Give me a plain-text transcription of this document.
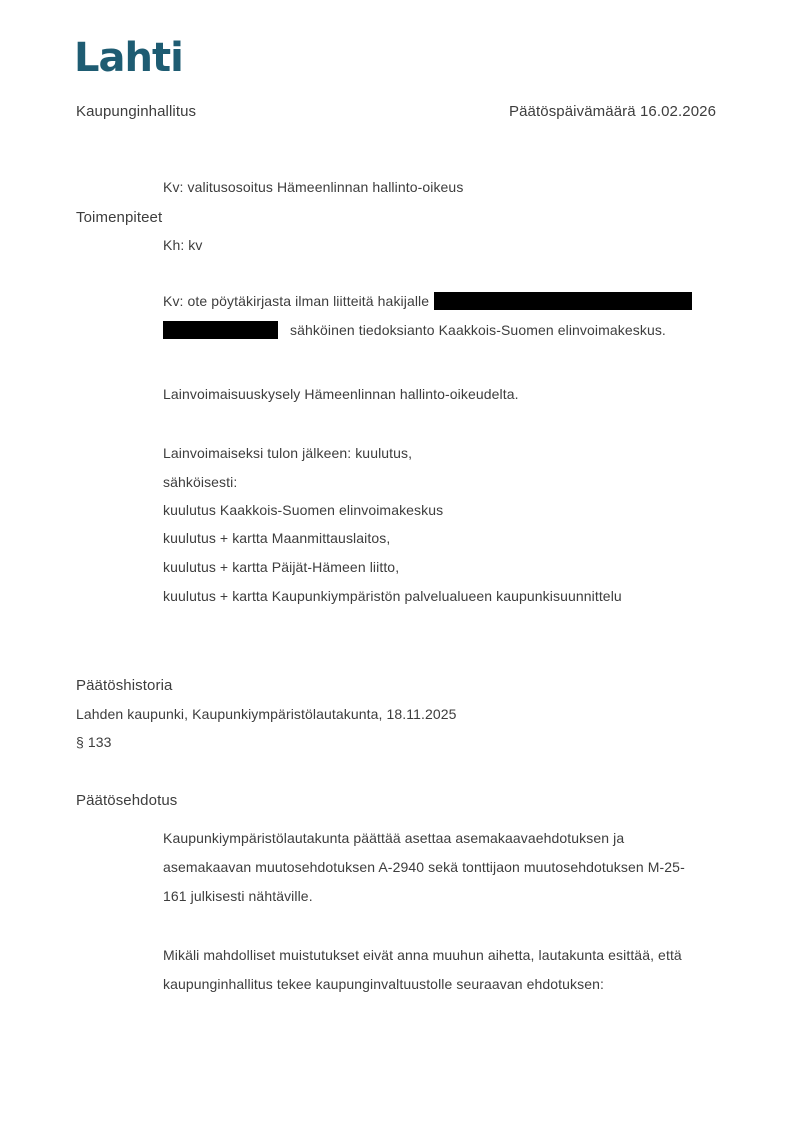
Lahti
Kaupunginhallitus	Päätöspäivämäärä 16.02.2026
Kv: valitusosoitus Hämeenlinnan hallinto-oikeus
Toimenpiteet
Kh: kv
Kv: ote pöytäkirjasta ilman liitteitä hakijalle
sähköinen tiedoksianto Kaakkois-Suomen elinvoimakeskus.
Lainvoimaisuuskysely Hämeenlinnan hallinto-oikeudelta.
Lainvoimaiseksi tulon jälkeen: kuulutus,
sähköisesti:
kuulutus Kaakkois-Suomen elinvoimakeskus
kuulutus + kartta Maanmittauslaitos,
kuulutus + kartta Päijät-Hämeen liitto,
kuulutus + kartta Kaupunkiympäristön palvelualueen kaupunkisuunnittelu
Päätöshistoria
Lahden kaupunki, Kaupunkiympäristölautakunta, 18.11.2025
§ 133
Päätösehdotus
Kaupunkiympäristölautakunta päättää asettaa asemakaavaehdotuksen ja
asemakaavan muutosehdotuksen A-2940 sekä tonttijaon muutosehdotuksen M-25-
161 julkisesti nähtäville.
Mikäli mahdolliset muistutukset eivät anna muuhun aihetta, lautakunta esittää, että
kaupunginhallitus tekee kaupunginvaltuustolle seuraavan ehdotuksen:
